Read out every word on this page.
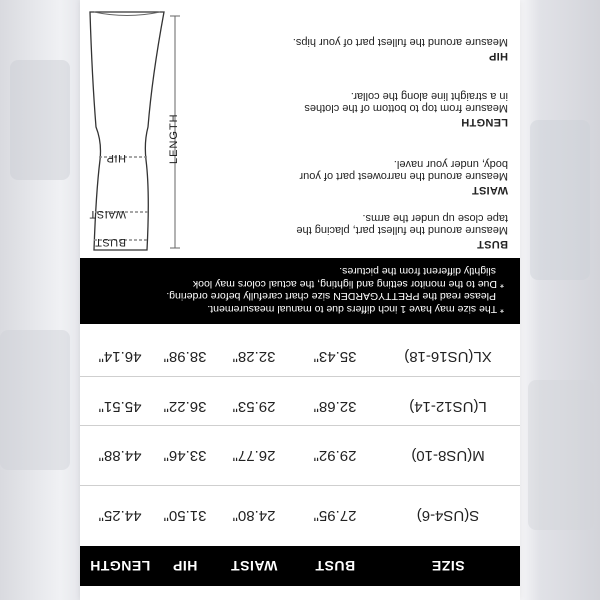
SIZE
BUST
WAIST
HIP
LENGTH
S(US4-6)
27.95"
24.80"
31.50"
44.25"
M(US8-10)
29.92"
26.77"
33.46"
44.88"
L(US12-14)
32.68"
29.53"
36.22"
45.51"
XL(US16-18)
35.43"
32.28"
38.98"
46.14"

* The size may have 1 inch differs due to manual measurement.

Please read the PRETTYGARDEN size chart carefully before ordering.

* Due to the monitor setting and lighting, the actual colors may look

slightly different from the pictures.

BUST

Measure around the fullest part, placing the

tape close up under the arms.

WAIST

Measure around the narrowest part of your

body, under your navel.

LENGTH

Measure from top to bottom of the clothes

in a straight line along the collar.

HIP

Measure around the fullest part of your hips.

BUST
WAIST
HIP	LENGTH
